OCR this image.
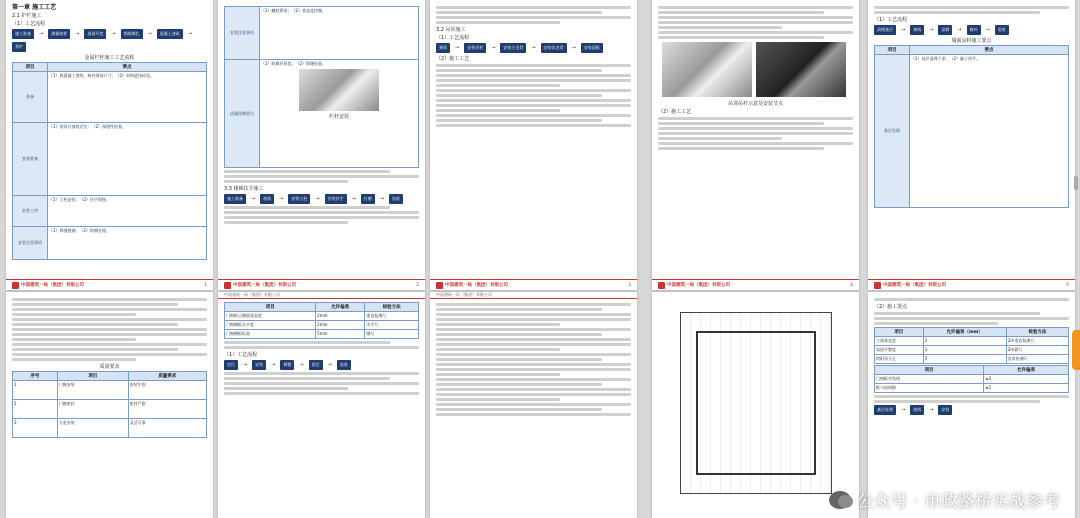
第一章 施工工艺
2.1 护栏施工
（1）工艺流程
施工准备	→	测量放样	→	基础开挖	→	钢筋绑扎	→	混凝土浇筑	→
养护
金属栏杆施工工艺流程
项目	要点
准备	（1）熟悉施工图纸，核对现场尺寸；（2）材料进场检验。
安装准备	（1）按设计放线定位；（2）预埋件检查。
安装工序	（1）立柱安装；（2）扶手焊接。
安装注意事项	（1）焊缝饱满；（2）防腐处理。
中国建筑一局（集团）有限公司	1
安装注意事项	（1）螺栓紧固；（2）垂直度控制。
质量控制要点	（1）防腐层厚度；（2）焊缝检查。
栏杆安装
3.3 楼梯扶手施工
施工准备	→	放线	→	安装立柱	→	安装扶手	→	打磨	→	验收
中国建筑一局（集团）有限公司	2
3.2 吊顶施工
（1）工艺流程
弹线	→	安装吊杆	→	安装主龙骨	→	安装次龙骨	→	安装面板
（2）施工工艺
中国建筑一局（集团）有限公司	3
吊顶吊杆示意及安装节点
（2）施工工艺
中国建筑一局（集团）有限公司	4
（1）工艺流程
清理基层	→	弹线	→	涂刷	→	修补	→	验收
墙面涂料施工要点
项目	要点
基层处理	（1）基层清理干净；（2）腻子找平。
中国建筑一局（集团）有限公司	5
质量要求
序号	项目	质量要求
1	门窗安装	安装牢固
2	门窗密封	密封严密
3	五金安装	灵活可靠
中国建筑一局（集团）有限公司
项目	允许偏差	检验方法
门窗框正侧面垂直度	2mm	垂直检测尺
门窗横框水平度	2mm	水平尺
门窗横框标高	5mm	钢尺
（1）工艺流程
定位	→	安装	→	调整	→	固定	→	验收
中国建筑一局（集团）有限公司
（2）施工要点
项目	允许偏差（mm）	检验方法
立面垂直度	3	2m垂直检测尺
表面平整度	3	2m靠尺
阴阳角方正	3	直角检测尺
项目	允许偏差
门窗框对角线	≤3
框与扇间隙	≤2
基层处理	→	放线	→	安装
公众号 · 市政路桥实战参考
